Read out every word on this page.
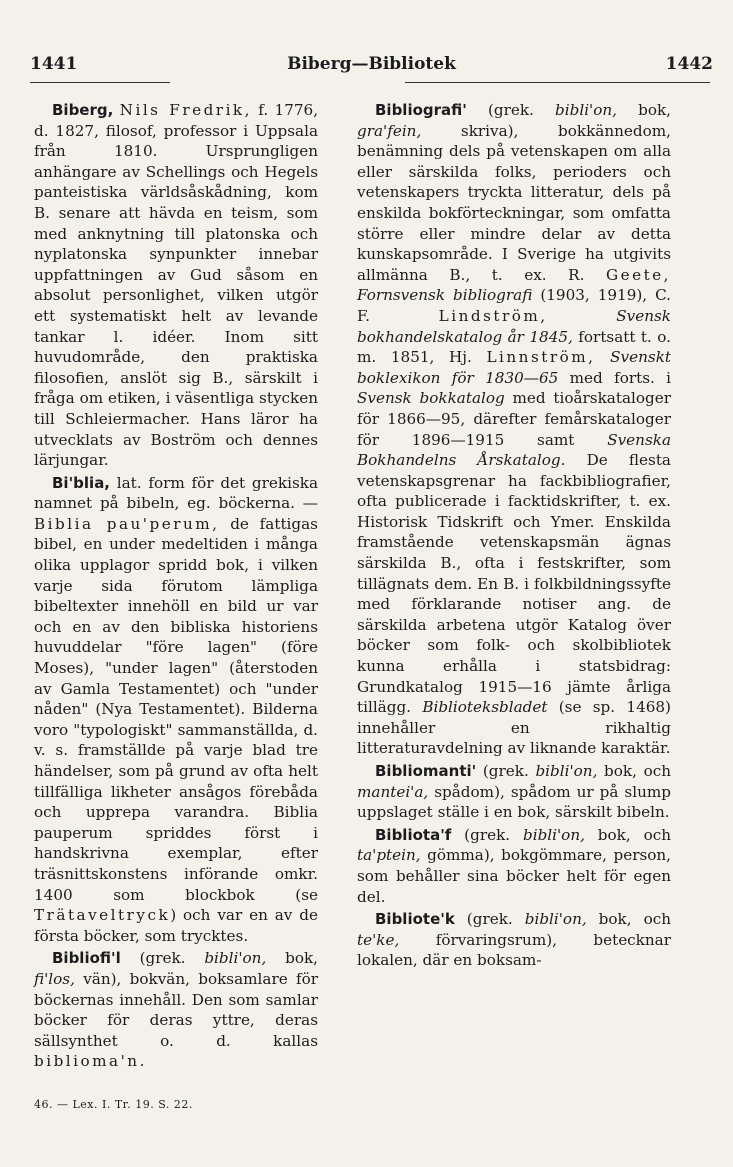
1441	Biberg—Bibliotek	1442

Biberg, Nils Fredrik, f. 1776, d. 1827, filosof, professor i Uppsala från 1810. Ursprungligen anhängare av Schellings och Hegels panteistiska världsåskådning, kom B. senare att hävda en teism, som med anknytning till platonska och nyplatonska synpunkter innebar uppfattningen av Gud såsom en absolut personlighet, vilken utgör ett systematiskt helt av levande tankar l. idéer. Inom sitt huvudområde, den praktiska filosofien, anslöt sig B., särskilt i fråga om etiken, i väsentliga stycken till Schleiermacher. Hans läror ha utvecklats av Boström och dennes lärjungar.

Bi'blia, lat. form för det grekiska namnet på bibeln, eg. böckerna. — Biblia pau'perum, de fattigas bibel, en under medeltiden i många olika upplagor spridd bok, i vilken varje sida förutom lämpliga bibeltexter innehöll en bild ur var och en av den bibliska historiens huvuddelar "före lagen" (före Moses), "under lagen" (återstoden av Gamla Testamentet) och "under nåden" (Nya Testamentet). Bilderna voro "typologiskt" sammanställda, d. v. s. framställde på varje blad tre händelser, som på grund av ofta helt tillfälliga likheter ansågos förebåda och upprepa varandra. Biblia pauperum spriddes först i handskrivna exemplar, efter träsnittskonstens införande omkr. 1400 som blockbok (se Trätaveltryck) och var en av de första böcker, som trycktes.

Bibliofi'l (grek. bibli'on, bok, fi'los, vän), bokvän, boksamlare för böckernas innehåll. Den som samlar böcker för deras yttre, deras sällsynthet o. d. kallas biblioma'n.

Bibliografi' (grek. bibli'on, bok, gra'fein, skriva), bokkännedom, benämning dels på vetenskapen om alla eller särskilda folks, perioders och vetenskapers tryckta litteratur, dels på enskilda bokförteckningar, som omfatta större eller mindre delar av detta kunskapsområde. I Sverige ha utgivits allmänna B., t. ex. R. Geete, Fornsvensk bibliografi (1903, 1919), C. F. Lindström,	Svensk bokhandelskatalog år 1845, fortsatt t. o. m. 1851, Hj. Linnström, Svenskt boklexikon för 1830—65 med forts. i Svensk bokkatalog med tioårskataloger för 1866—95, därefter femårskataloger för 1896—1915 samt Svenska Bokhandelns Årskatalog. De flesta vetenskapsgrenar ha fackbibliografier, ofta publicerade i facktidskrifter, t. ex. Historisk Tidskrift och Ymer. Enskilda framstående vetenskapsmän ägnas särskilda B., ofta i festskrifter, som tillägnats dem. En B. i folkbildningssyfte med förklarande notiser ang. de särskilda arbetena utgör Katalog över böcker som folk- och skolbibliotek kunna erhålla i statsbidrag: Grundkatalog 1915—16 jämte årliga tillägg. Biblioteksbladet (se sp. 1468) innehåller en rikhaltig litteraturavdelning av liknande karaktär.

Bibliomanti' (grek. bibli'on, bok, och mantei'a, spådom), spådom ur på slump uppslaget ställe i en bok, särskilt bibeln.

Bibliota'f (grek. bibli'on, bok, och ta'ptein, gömma), bokgömmare, person, som behåller sina böcker helt för egen del.

Bibliote'k (grek. bibli'on, bok, och te'ke, förvaringsrum), betecknar lokalen, där en boksam-

46. — Lex. I. Tr. 19. S. 22.
